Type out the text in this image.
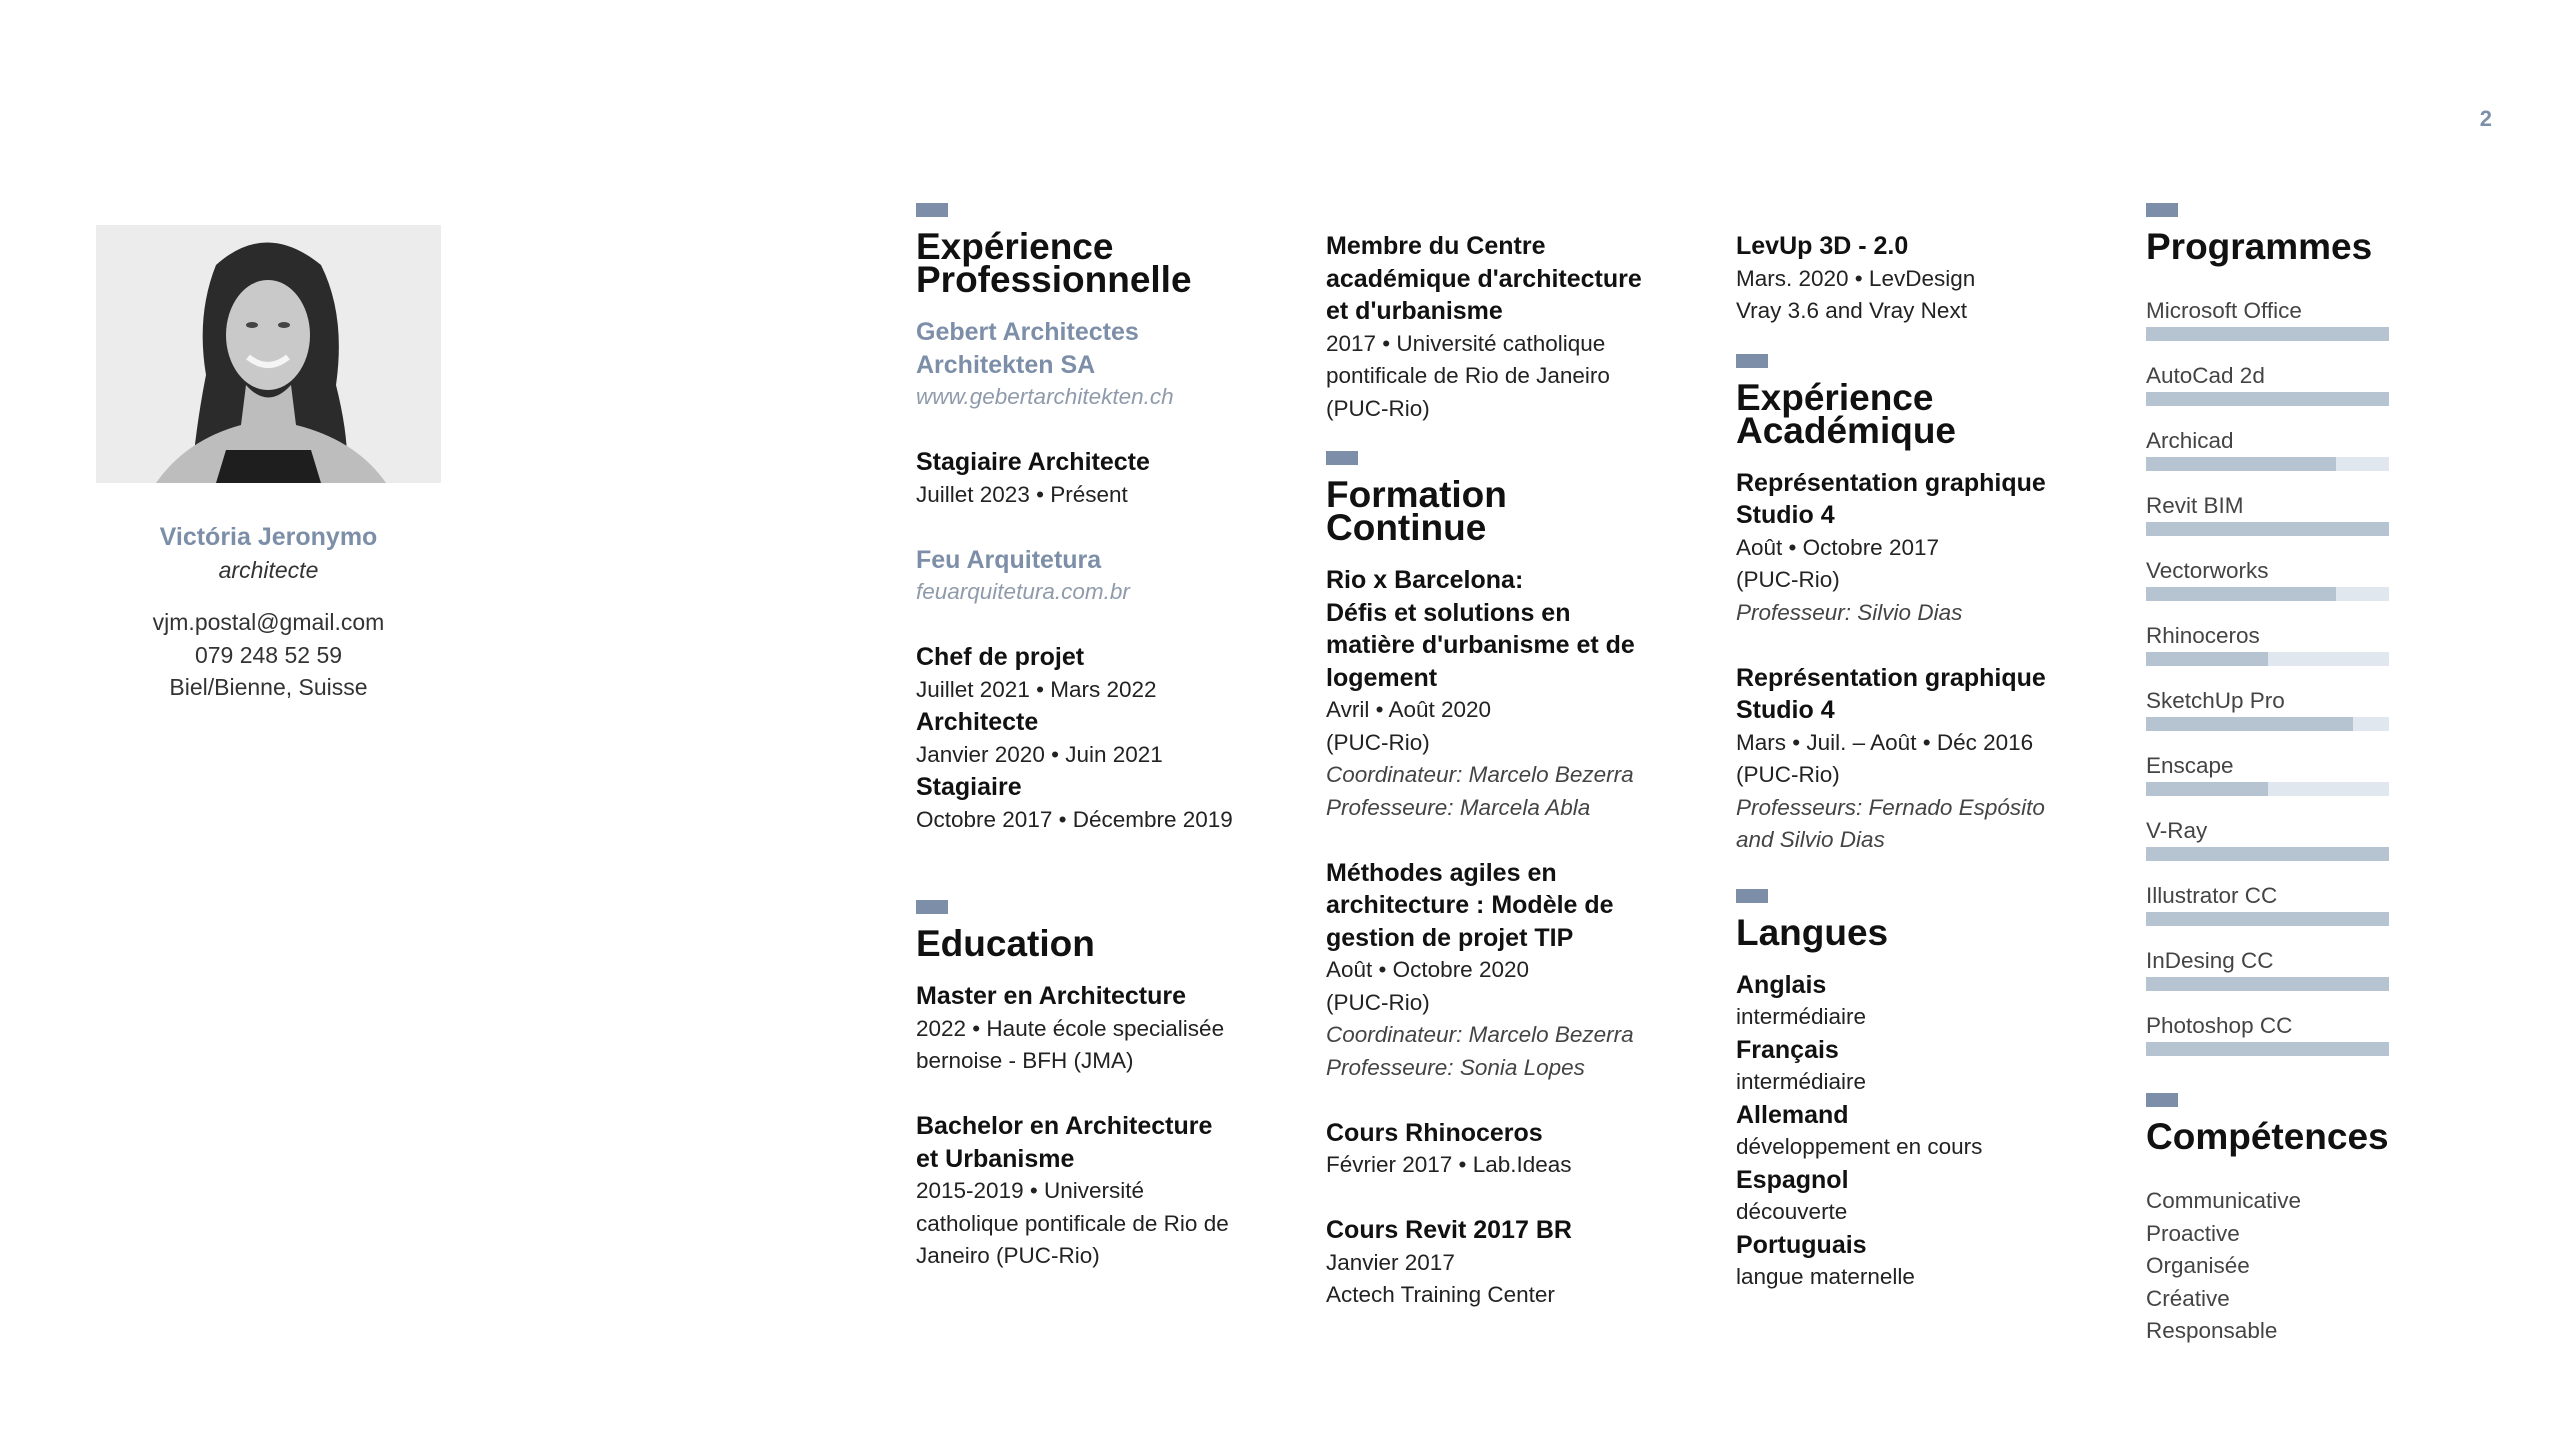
2
Victória Jeronymo
architecte
vjm.postal@gmail.com
079 248 52 59
Biel/Bienne, Suisse
Expérience
Professionnelle
Gebert Architectes
Architekten SA
www.gebertarchitekten.ch
Stagiaire Architecte
Juillet 2023 • Présent
Feu Arquitetura
feuarquitetura.com.br
Chef de projet
Juillet 2021 • Mars 2022
Architecte
Janvier 2020 • Juin 2021
Stagiaire
Octobre 2017 • Décembre 2019
Education
Master en Architecture
2022 • Haute école specialisée
bernoise - BFH (JMA)
Bachelor en Architecture
et Urbanisme
2015-2019 • Université
catholique pontificale de Rio de
Janeiro (PUC-Rio)
Membre du Centre
académique d'architecture
et d'urbanisme
2017 • Université catholique
pontificale de Rio de Janeiro
(PUC-Rio)
Formation
Continue
Rio x Barcelona:
Défis et solutions en
matière d'urbanisme et de
logement
Avril • Août 2020
(PUC-Rio)
Coordinateur: Marcelo Bezerra
Professeure: Marcela Abla
Méthodes agiles en
architecture : Modèle de
gestion de projet TIP
Août • Octobre 2020
(PUC-Rio)
Coordinateur: Marcelo Bezerra
Professeure: Sonia Lopes
Cours Rhinoceros
Février 2017 • Lab.Ideas
Cours Revit 2017 BR
Janvier 2017
Actech Training Center
LevUp 3D - 2.0
Mars. 2020 • LevDesign
Vray 3.6 and Vray Next
Expérience
Académique
Représentation graphique
Studio 4
Août • Octobre 2017
(PUC-Rio)
Professeur: Silvio Dias
Représentation graphique
Studio 4
Mars • Juil. – Août • Déc 2016
(PUC-Rio)
Professeurs: Fernado Espósito
and Silvio Dias
Langues
Anglais
intermédiaire
Français
intermédiaire
Allemand
développement en cours
Espagnol
découverte
Portuguais
langue maternelle
Programmes
Microsoft Office
AutoCad 2d
Archicad
Revit BIM
Vectorworks
Rhinoceros
SketchUp Pro
Enscape
V-Ray
Illustrator CC
InDesing CC
Photoshop CC
Compétences
Communicative
Proactive
Organisée
Créative
Responsable
